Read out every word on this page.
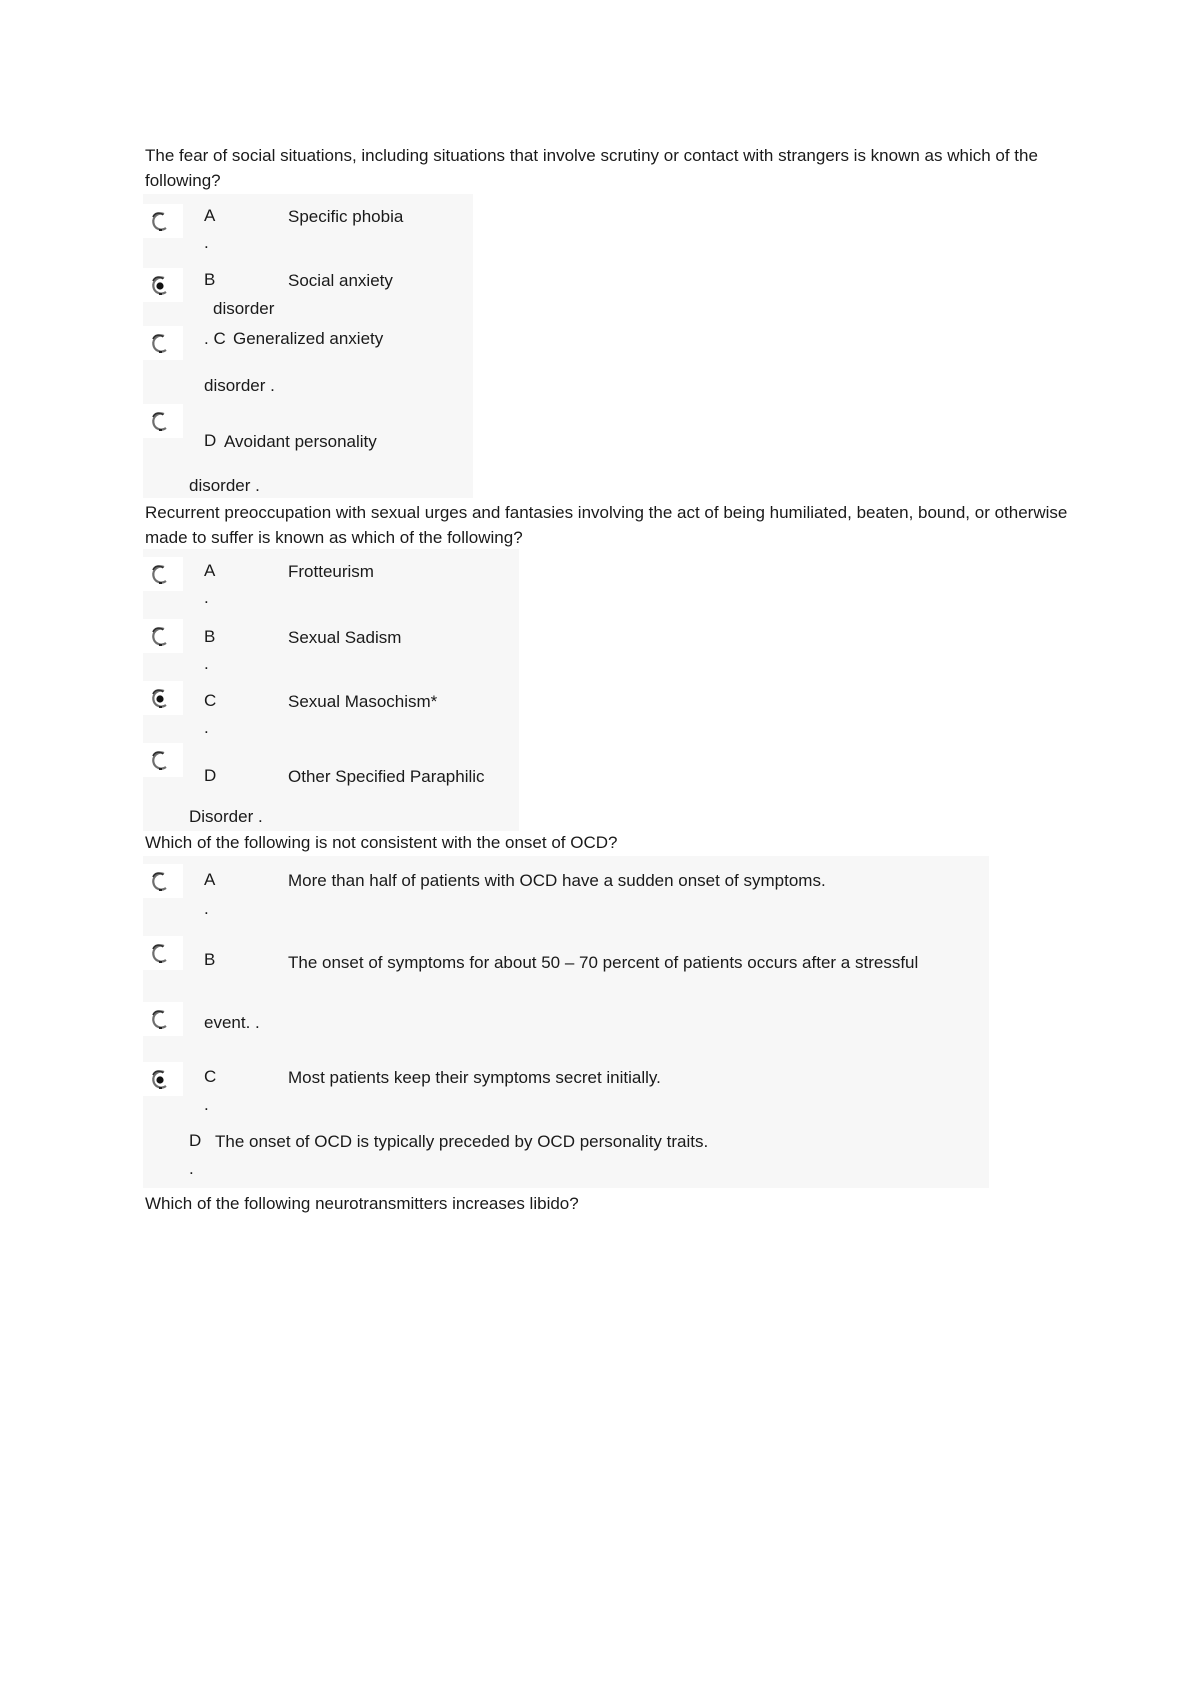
The fear of social situations, including situations that involve scrutiny or contact with strangers is known as which of the following?
A	Specific phobia
.
B	Social anxiety
disorder
. C Generalized anxiety
disorder .
D Avoidant personality
disorder .
Recurrent preoccupation with sexual urges and fantasies involving the act of being humiliated, beaten, bound, or otherwise made to suffer is known as which of the following?
A	Frotteurism
.
B	Sexual Sadism
.
C	Sexual Masochism*
.
D	Other Specified Paraphilic
Disorder .
Which of the following is not consistent with the onset of OCD?
A	More than half of patients with OCD have a sudden onset of symptoms.
.
B	The onset of symptoms for about 50 – 70 percent of patients occurs after a stressful
event. .
C	Most patients keep their symptoms secret initially.
.
D The onset of OCD is typically preceded by OCD personality traits.
.
Which of the following neurotransmitters increases libido?
